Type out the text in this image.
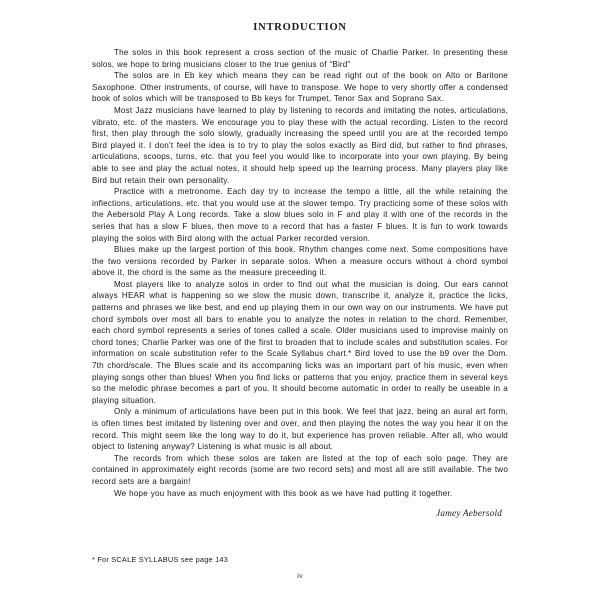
INTRODUCTION

The solos in this book represent a cross section of the music of Charlie Parker. In presenting these solos, we hope to bring musicians closer to the true genius of “Bird”

The solos are in Eb key which means they can be read right out of the book on Alto or Baritone Saxophone. Other instruments, of course, will have to transpose. We hope to very shortly offer a condensed book of solos which will be transposed to Bb keys for Trumpet, Tenor Sax and Soprano Sax.

Most Jazz musicians have learned to play by listening to records and imitating the notes, articulations, vibrato, etc. of the masters. We encourage you to play these with the actual recording. Listen to the record first, then play through the solo slowly, gradually increasing the speed until you are at the recorded tempo Bird played it. I don’t feel the idea is to try to play the solos exactly as Bird did, but rather to find phrases, articulations, scoops, turns, etc. that you feel you would like to incorporate into your own playing. By being able to see and play the actual notes, it should help speed up the learning process. Many players play like Bird but retain their own personality.

Practice with a metronome. Each day try to increase the tempo a little, all the while retaining the inflections, articulations, etc. that you would use at the slower tempo. Try practicing some of these solos with the Aebersold Play A Long records. Take a slow blues solo in F and play it with one of the records in the series that has a slow F blues, then move to a record that has a faster F blues. It is fun to work towards playing the solos with Bird along with the actual Parker recorded version.

Blues make up the largest portion of this book. Rhythm changes come next. Some compositions have the two versions recorded by Parker in separate solos. When a measure occurs without a chord symbol above it, the chord is the same as the measure preceeding it.

Most players like to analyze solos in order to find out what the musician is doing. Our ears cannot always HEAR what is happening so we slow the music down, transcribe it, analyze it, practice the licks, patterns and phrases we like best, and end up playing them in our own way on our instruments. We have put chord symbols over most all bars to enable you to analyze the notes in relation to the chord. Remember, each chord symbol represents a series of tones called a scale. Older musicians used to improvise mainly on chord tones; Charlie Parker was one of the first to broaden that to include scales and substitution scales. For information on scale substitution refer to the Scale Syllabus chart.* Bird loved to use the b9 over the Dom. 7th chord/scale. The Blues scale and its accompaning licks was an important part of his music, even when playing songs other than blues! When you find licks or patterns that you enjoy, practice them in several keys so the melodic phrase becomes a part of you. It should become automatic in order to really be useable in a playing situation.

Only a minimum of articulations have been put in this book. We feel that jazz, being an aural art form, is often times best imitated by listening over and over, and then playing the notes the way you hear it on the record. This might seem like the long way to do it, but experience has proven reliable. After all, who would object to listening anyway? Listening is what music is all about.

The records from which these solos are taken are listed at the top of each solo page. They are contained in approximately eight records (some are two record sets) and most all are still available. The two record sets are a bargain!

We hope you have as much enjoyment with this book as we have had putting it together.

Jamey Aebersold
* For SCALE SYLLABUS see page 143
iv
